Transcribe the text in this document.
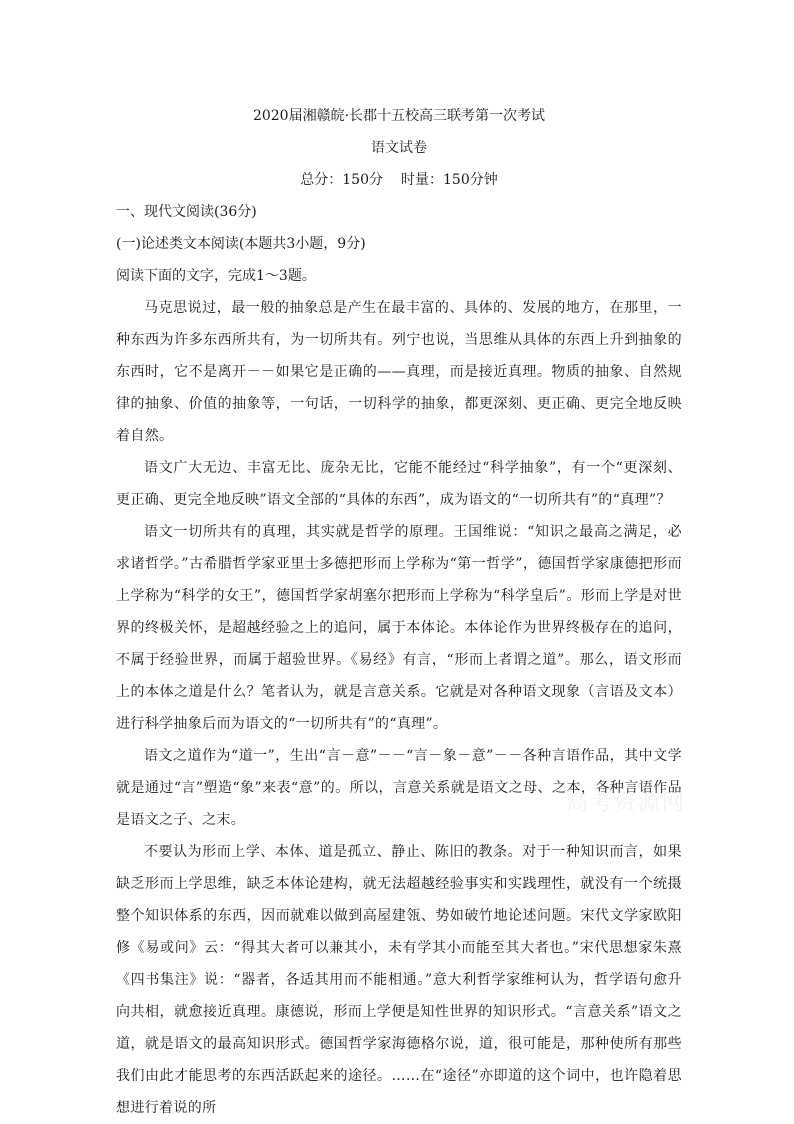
2020届湘赣皖·长郡十五校高三联考第一次考试
语文试卷
总分：150分 时量：150分钟
一、现代文阅读(36分)
(一)论述类文本阅读(本题共3小题，9分)
阅读下面的文字，完成1～3题。

马克思说过，最一般的抽象总是产生在最丰富的、具体的、发展的地方，在那里，一种东西为许多东西所共有，为一切所共有。列宁也说，当思维从具体的东西上升到抽象的东西时，它不是离开－－如果它是正确的——真理，而是接近真理。物质的抽象、自然规律的抽象、价值的抽象等，一句话，一切科学的抽象，都更深刻、更正确、更完全地反映着自然。

语文广大无边、丰富无比、庞杂无比，它能不能经过“科学抽象”，有一个“更深刻、更正确、更完全地反映”语文全部的“具体的东西”，成为语文的“一切所共有”的“真理”？

语文一切所共有的真理，其实就是哲学的原理。王国维说：“知识之最高之满足，必求诸哲学。”古希腊哲学家亚里士多德把形而上学称为“第一哲学”，德国哲学家康德把形而上学称为“科学的女王”，德国哲学家胡塞尔把形而上学称为“科学皇后”。形而上学是对世界的终极关怀，是超越经验之上的追问，属于本体论。本体论作为世界终极存在的追问，不属于经验世界，而属于超验世界。《易经》有言，“形而上者谓之道”。那么，语文形而上的本体之道是什么？笔者认为，就是言意关系。它就是对各种语文现象（言语及文本）进行科学抽象后而为语文的“一切所共有”的“真理”。

语文之道作为“道一”，生出“言－意”－－“言－象－意”－－各种言语作品，其中文学就是通过“言”塑造“象”来表“意”的。所以，言意关系就是语文之母、之本，各种言语作品是语文之子、之末。

不要认为形而上学、本体、道是孤立、静止、陈旧的教条。对于一种知识而言，如果缺乏形而上学思维，缺乏本体论建构，就无法超越经验事实和实践理性，就没有一个统摄整个知识体系的东西，因而就难以做到高屋建瓴、势如破竹地论述问题。宋代文学家欧阳修《易或问》云：“得其大者可以兼其小，未有学其小而能至其大者也。”宋代思想家朱熹《四书集注》说：“器者，各适其用而不能相通。”意大利哲学家维柯认为，哲学语句愈升向共相，就愈接近真理。康德说，形而上学便是知性世界的知识形式。“言意关系”语文之道，就是语文的最高知识形式。德国哲学家海德格尔说，道，很可能是，那种使所有那些我们由此才能思考的东西活跃起来的途径。……在“途径”亦即道的这个词中，也许隐着思想进行着说的所

高考资源网
